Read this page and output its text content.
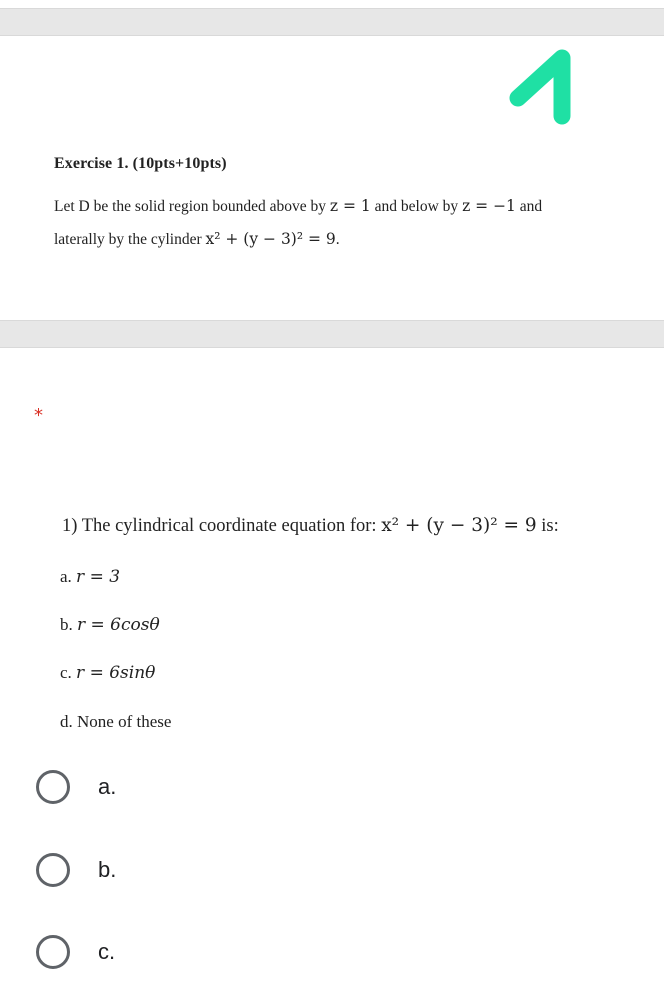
Exercise 1. (10pts+10pts)
Let D be the solid region bounded above by z = 1 and below by z = −1 and
laterally by the cylinder x² + (y − 3)² = 9.
*
1) The cylindrical coordinate equation for: x² + (y − 3)² = 9 is:
a. r = 3
b. r = 6cosθ
c. r = 6sinθ
d. None of these
a.
b.
c.
